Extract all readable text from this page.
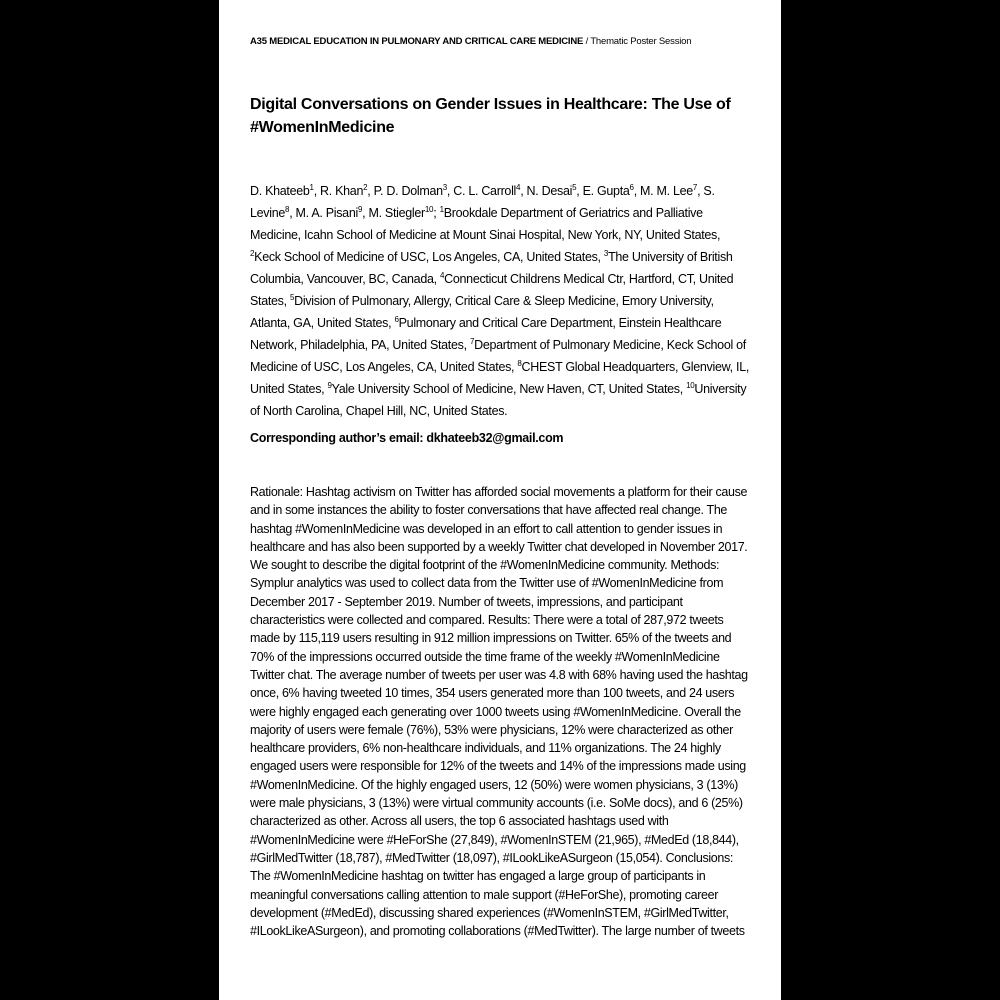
A35 MEDICAL EDUCATION IN PULMONARY AND CRITICAL CARE MEDICINE / Thematic Poster Session
Digital Conversations on Gender Issues in Healthcare: The Use of
#WomenInMedicine
D. Khateeb$^1$, R. Khan$^2$, P. D. Dolman$^3$, C. L. Carroll$^4$, N. Desai$^5$, E. Gupta$^6$, M. M. Lee$^7$, S.
Levine$^8$, M. A. Pisani$^9$, M. Stiegler$^{10}$; $^1$Brookdale Department of Geriatrics and Palliative
Medicine, Icahn School of Medicine at Mount Sinai Hospital, New York, NY, United States,
$^2$Keck School of Medicine of USC, Los Angeles, CA, United States, $^3$The University of British
Columbia, Vancouver, BC, Canada, $^4$Connecticut Childrens Medical Ctr, Hartford, CT, United
States, $^5$Division of Pulmonary, Allergy, Critical Care & Sleep Medicine, Emory University,
Atlanta, GA, United States, $^6$Pulmonary and Critical Care Department, Einstein Healthcare
Network, Philadelphia, PA, United States, $^7$Department of Pulmonary Medicine, Keck School of
Medicine of USC, Los Angeles, CA, United States, $^8$CHEST Global Headquarters, Glenview, IL,
United States, $^9$Yale University School of Medicine, New Haven, CT, United States, $^{10}$University
of North Carolina, Chapel Hill, NC, United States.
Corresponding author’s email: dkhateeb32@gmail.com
Rationale: Hashtag activism on Twitter has afforded social movements a platform for their cause
and in some instances the ability to foster conversations that have affected real change. The
hashtag #WomenInMedicine was developed in an effort to call attention to gender issues in
healthcare and has also been supported by a weekly Twitter chat developed in November 2017.
We sought to describe the digital footprint of the #WomenInMedicine community. Methods:
Symplur analytics was used to collect data from the Twitter use of #WomenInMedicine from
December 2017 - September 2019. Number of tweets, impressions, and participant
characteristics were collected and compared. Results: There were a total of 287,972 tweets
made by 115,119 users resulting in 912 million impressions on Twitter. 65% of the tweets and
70% of the impressions occurred outside the time frame of the weekly #WomenInMedicine
Twitter chat. The average number of tweets per user was 4.8 with 68% having used the hashtag
once, 6% having tweeted 10 times, 354 users generated more than 100 tweets, and 24 users
were highly engaged each generating over 1000 tweets using #WomenInMedicine. Overall the
majority of users were female (76%), 53% were physicians, 12% were characterized as other
healthcare providers, 6% non-healthcare individuals, and 11% organizations. The 24 highly
engaged users were responsible for 12% of the tweets and 14% of the impressions made using
#WomenInMedicine. Of the highly engaged users, 12 (50%) were women physicians, 3 (13%)
were male physicians, 3 (13%) were virtual community accounts (i.e. SoMe docs), and 6 (25%)
characterized as other. Across all users, the top 6 associated hashtags used with
#WomenInMedicine were #HeForShe (27,849), #WomenInSTEM (21,965), #MedEd (18,844),
#GirlMedTwitter (18,787), #MedTwitter (18,097), #ILookLikeASurgeon (15,054). Conclusions:
The #WomenInMedicine hashtag on twitter has engaged a large group of participants in
meaningful conversations calling attention to male support (#HeForShe), promoting career
development (#MedEd), discussing shared experiences (#WomenInSTEM, #GirlMedTwitter,
#ILookLikeASurgeon), and promoting collaborations (#MedTwitter). The large number of tweets
